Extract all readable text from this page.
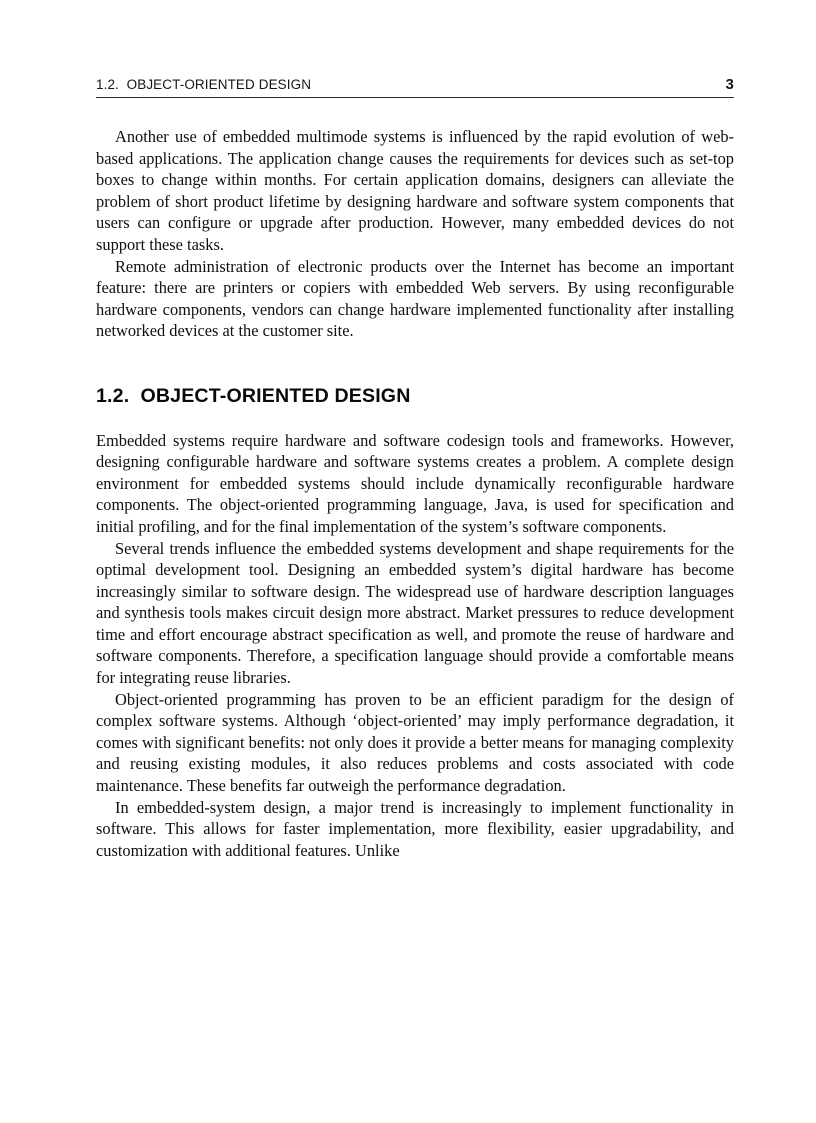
1.2.  OBJECT-ORIENTED DESIGN	3

Another use of embedded multimode systems is influenced by the rapid evolution of web-based applications. The application change causes the requirements for devices such as set-top boxes to change within months. For certain application domains, designers can alleviate the problem of short product lifetime by designing hardware and software system components that users can configure or upgrade after production. However, many embedded devices do not support these tasks.

Remote administration of electronic products over the Internet has become an important feature: there are printers or copiers with embedded Web servers. By using reconfigurable hardware components, vendors can change hardware implemented functionality after installing networked devices at the customer site.

1.2.  OBJECT-ORIENTED DESIGN

Embedded systems require hardware and software codesign tools and frameworks. However, designing configurable hardware and software systems creates a problem. A complete design environment for embedded systems should include dynamically reconfigurable hardware components. The object-oriented programming language, Java, is used for specification and initial profiling, and for the final implementation of the system’s software components.

Several trends influence the embedded systems development and shape requirements for the optimal development tool. Designing an embedded system’s digital hardware has become increasingly similar to software design. The widespread use of hardware description languages and synthesis tools makes circuit design more abstract. Market pressures to reduce development time and effort encourage abstract specification as well, and promote the reuse of hardware and software components. Therefore, a specification language should provide a comfortable means for integrating reuse libraries.

Object-oriented programming has proven to be an efficient paradigm for the design of complex software systems. Although ‘object-oriented’ may imply performance degradation, it comes with significant benefits: not only does it provide a better means for managing complexity and reusing existing modules, it also reduces problems and costs associated with code maintenance. These benefits far outweigh the performance degradation.

In embedded-system design, a major trend is increasingly to implement functionality in software. This allows for faster implementation, more flexibility, easier upgradability, and customization with additional features. Unlike
